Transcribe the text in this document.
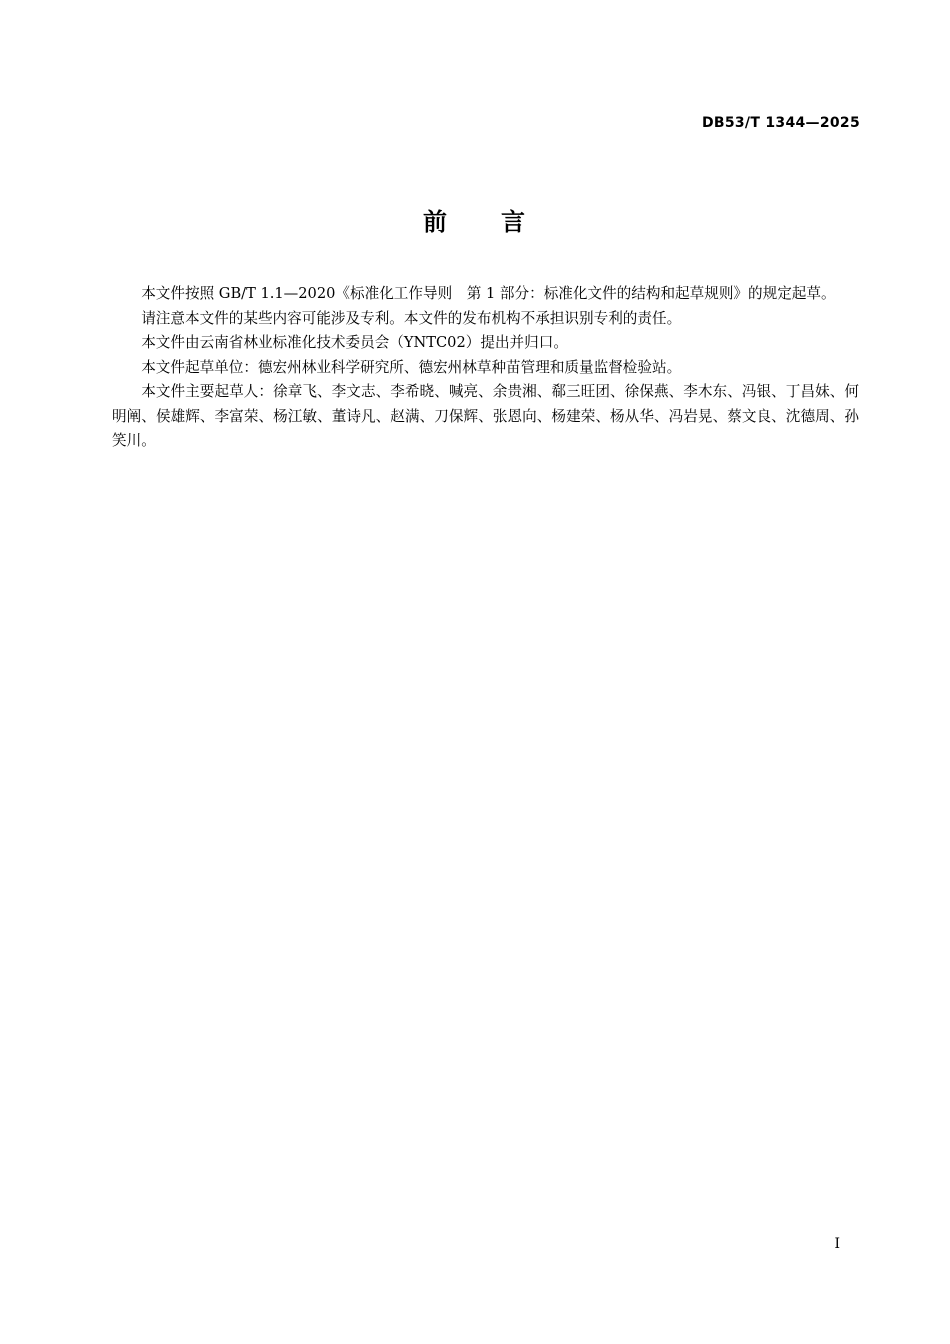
DB53/T 1344—2025
前　　言

本文件按照 GB/T 1.1—2020《标准化工作导则　第 1 部分：标准化文件的结构和起草规则》的规定起草。

请注意本文件的某些内容可能涉及专利。本文件的发布机构不承担识别专利的责任。

本文件由云南省林业标准化技术委员会（YNTC02）提出并归口。

本文件起草单位：德宏州林业科学研究所、德宏州林草种苗管理和质量监督检验站。

本文件主要起草人：徐章飞、李文志、李希晓、喊亮、余贵湘、郗三旺团、徐保燕、李木东、冯银、丁昌妹、何明阐、侯雄辉、李富荣、杨江敏、董诗凡、赵满、刀保辉、张恩向、杨建荣、杨从华、冯岩晃、蔡文良、沈德周、孙笑川。

I
